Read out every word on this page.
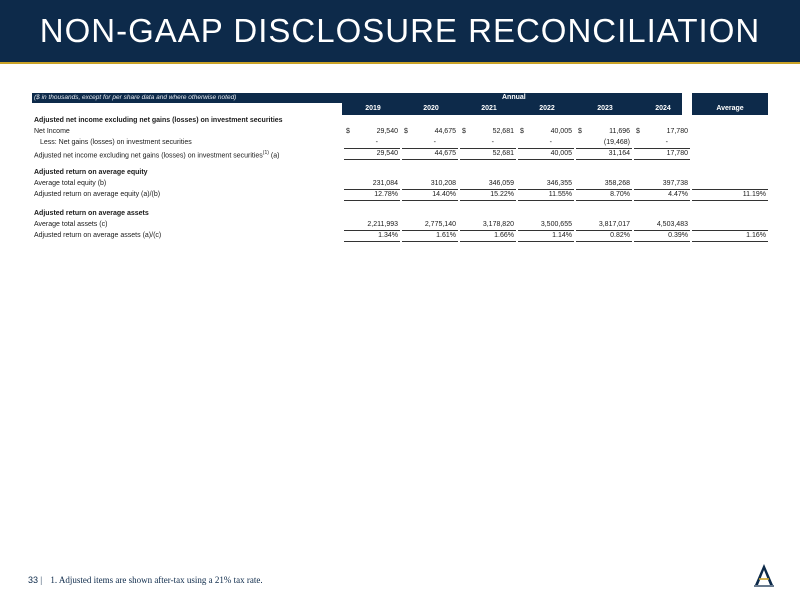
NON-GAAP DISCLOSURE RECONCILIATION
($ in thousands, except for per share data and where otherwise noted)	Annual
2019	2020	2021	2022	2023	2024	Average
Adjusted net income excluding net gains (losses) on investment securities
Net Income	$	29,540 $	44,675 $	52,681 $	40,005 $	11,696 $	17,780
Less: Net gains (losses) on investment securities	-	-	-	-	(19,468)	-
Adjusted net income excluding net gains (losses) on investment securities$^{(1)}$ (a)	29,540	44,675	52,681	40,005	31,164	17,780
Adjusted return on average equity
Average total equity (b)	231,084	310,208	346,059	346,355	358,268	397,738
Adjusted return on average equity (a)/(b)	12.78%	14.40%	15.22%	11.55%	8.70%	4.47%	11.19%
Adjusted return on average assets
Average total assets (c)	2,211,993	2,775,140	3,178,820	3,500,655	3,817,017	4,503,483
Adjusted return on average assets (a)/(c)	1.34%	1.61%	1.66%	1.14%	0.82%	0.39%	1.16%
33 | 1. Adjusted items are shown after-tax using a 21% tax rate.
